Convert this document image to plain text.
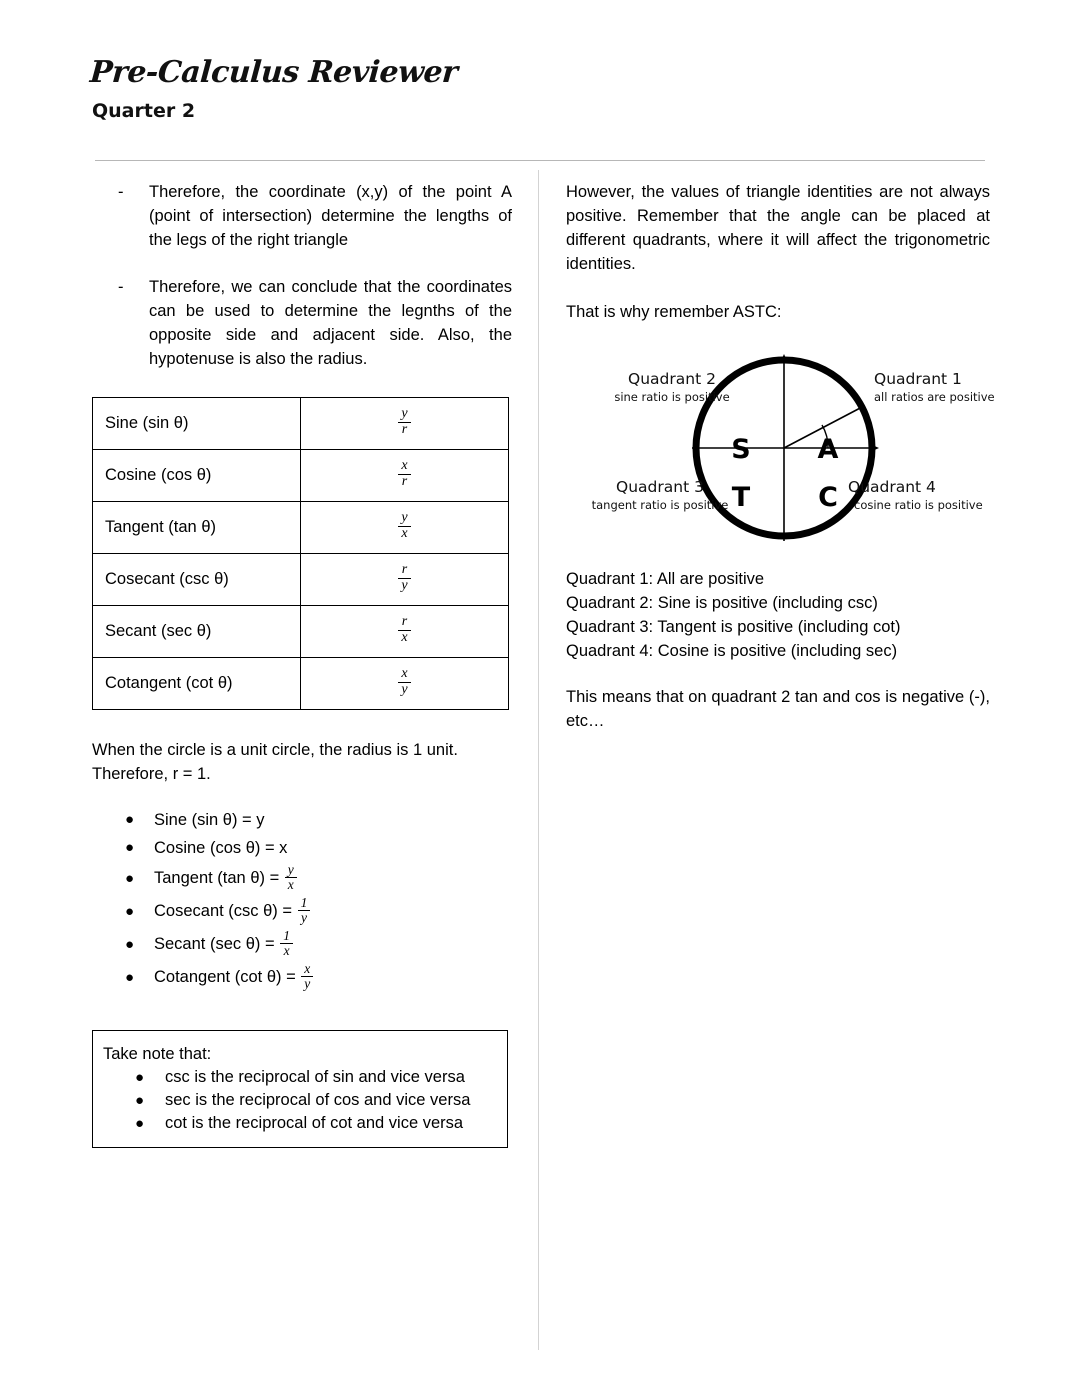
Pre-Calculus Reviewer
Quarter 2
- Therefore, the coordinate (x,y) of the point A (point of intersection) determine the lengths of the legs of the right triangle
- Therefore, we can conclude that the coordinates can be used to determine the legnths of the opposite side and adjacent side. Also, the hypotenuse is also the radius.
Sine (sin θ)	$\frac{y}{r}$

Cosine (cos θ)	$\frac{x}{r}$

Tangent (tan θ)	$\frac{y}{x}$

Cosecant (csc θ)	$\frac{r}{y}$

Secant (sec θ)	$\frac{r}{x}$

Cotangent (cot θ)	$\frac{x}{y}$
When the circle is a unit circle, the radius is 1 unit. Therefore, r = 1.
● Sine (sin θ) = y
● Cosine (cos θ) = x
● Tangent (tan $\theta) = \frac{y}{x}$
● Cosecant (csc $\theta) = \frac{1}{y}$
● Secant (sec $\theta) = \frac{1}{x}$
● Cotangent (cot $\theta) = \frac{x}{y}$
Take note that:
● csc is the reciprocal of sin and vice versa
● sec is the reciprocal of cos and vice versa
● cot is the reciprocal of cot and vice versa
However, the values of triangle identities are not always positive. Remember that the angle can be placed at different quadrants, where it will affect the trigonometric identities.
That is why remember ASTC:
S A
T	C
Quadrant 2
sine ratio is positive
Quadrant 1
all ratios are positive
Quadrant 3
tangent ratio is positive
Quadrant 4
cosine ratio is positive
Quadrant 1: All are positive
Quadrant 2: Sine is positive (including csc)
Quadrant 3: Tangent is positive (including cot)
Quadrant 4: Cosine is positive (including sec)
This means that on quadrant 2 tan and cos is negative (-), etc…
